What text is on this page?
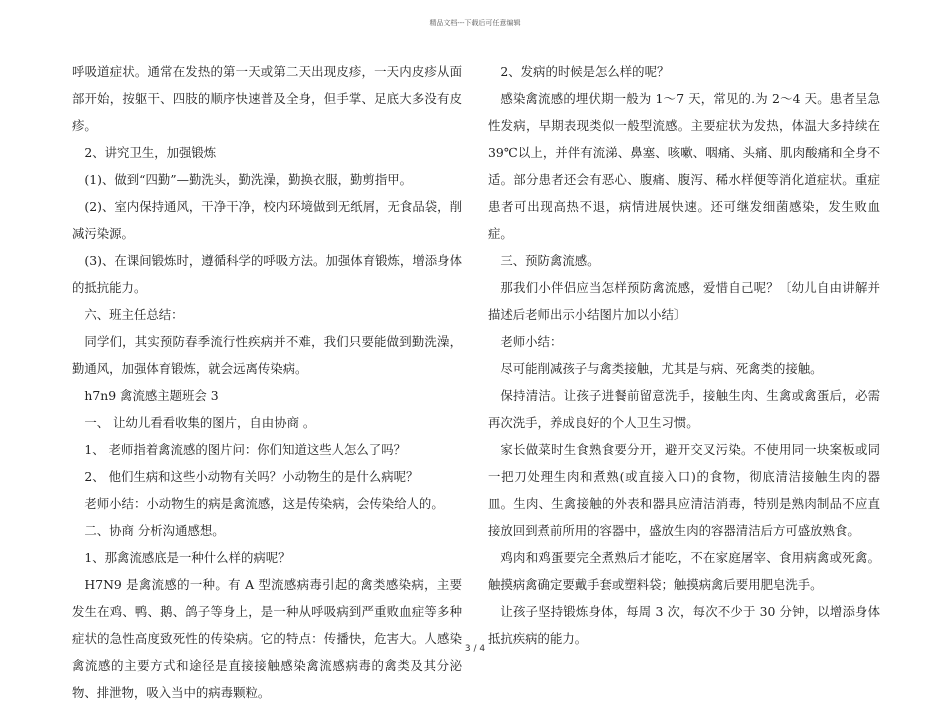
精品文档---下载后可任意编辑

呼吸道症状。通常在发热的第一天或第二天出现皮疹，一天内皮疹从面部开始，按躯干、四肢的顺序快速普及全身，但手掌、足底大多没有皮疹。

2、讲究卫生，加强锻炼

(1)、做到“四勤”—勤洗头，勤洗澡，勤换衣服，勤剪指甲。

(2)、室内保持通风，干净干净，校内环境做到无纸屑，无食品袋，削减污染源。

(3)、在课间锻炼时，遵循科学的呼吸方法。加强体育锻炼，增添身体的抵抗能力。

六、班主任总结：

同学们，其实预防春季流行性疾病并不难，我们只要能做到勤洗澡，勤通风，加强体育锻炼，就会远离传染病。

h7n9 禽流感主题班会 3

一、 让幼儿看看收集的图片，自由协商 。

1、 老师指着禽流感的图片问：你们知道这些人怎么了吗？

2、 他们生病和这些小动物有关吗？小动物生的是什么病呢？

老师小结：小动物生的病是禽流感，这是传染病，会传染给人的。

二、协商 分析沟通感想。

1、那禽流感底是一种什么样的病呢？

H7N9 是禽流感的一种。有 A 型流感病毒引起的禽类感染病，主要发生在鸡、鸭、鹅、鸽子等身上，是一种从呼吸病到严重败血症等多种症状的急性高度致死性的传染病。它的特点：传播快，危害大。人感染禽流感的主要方式和途径是直接接触感染禽流感病毒的禽类及其分泌物、排泄物，吸入当中的病毒颗粒。

2、发病的时候是怎么样的呢？

感染禽流感的埋伏期一般为 1～7 天，常见的.为 2～4 天。患者呈急性发病，早期表现类似一般型流感。主要症状为发热，体温大多持续在 39℃以上，并伴有流涕、鼻塞、咳嗽、咽痛、头痛、肌肉酸痛和全身不适。部分患者还会有恶心、腹痛、腹泻、稀水样便等消化道症状。重症患者可出现高热不退，病情进展快速。还可继发细菌感染，发生败血症。

三、预防禽流感。

那我们小伴侣应当怎样预防禽流感，爱惜自己呢？〔幼儿自由讲解并描述后老师出示小结图片加以小结〕

老师小结：

尽可能削减孩子与禽类接触，尤其是与病、死禽类的接触。

保持清洁。让孩子进餐前留意洗手，接触生肉、生禽或禽蛋后，必需再次洗手，养成良好的个人卫生习惯。

家长做菜时生食熟食要分开，避开交叉污染。不使用同一块案板或同一把刀处理生肉和煮熟(或直接入口)的食物，彻底清洁接触生肉的器皿。生肉、生禽接触的外表和器具应清洁消毒，特别是熟肉制品不应直接放回到煮前所用的容器中，盛放生肉的容器清洁后方可盛放熟食。

鸡肉和鸡蛋要完全煮熟后才能吃，不在家庭屠宰、食用病禽或死禽。触摸病禽确定要戴手套或塑料袋；触摸病禽后要用肥皂洗手。

让孩子坚持锻炼身体，每周 3 次，每次不少于 30 分钟，以增添身体抵抗疾病的能力。

3 / 4
